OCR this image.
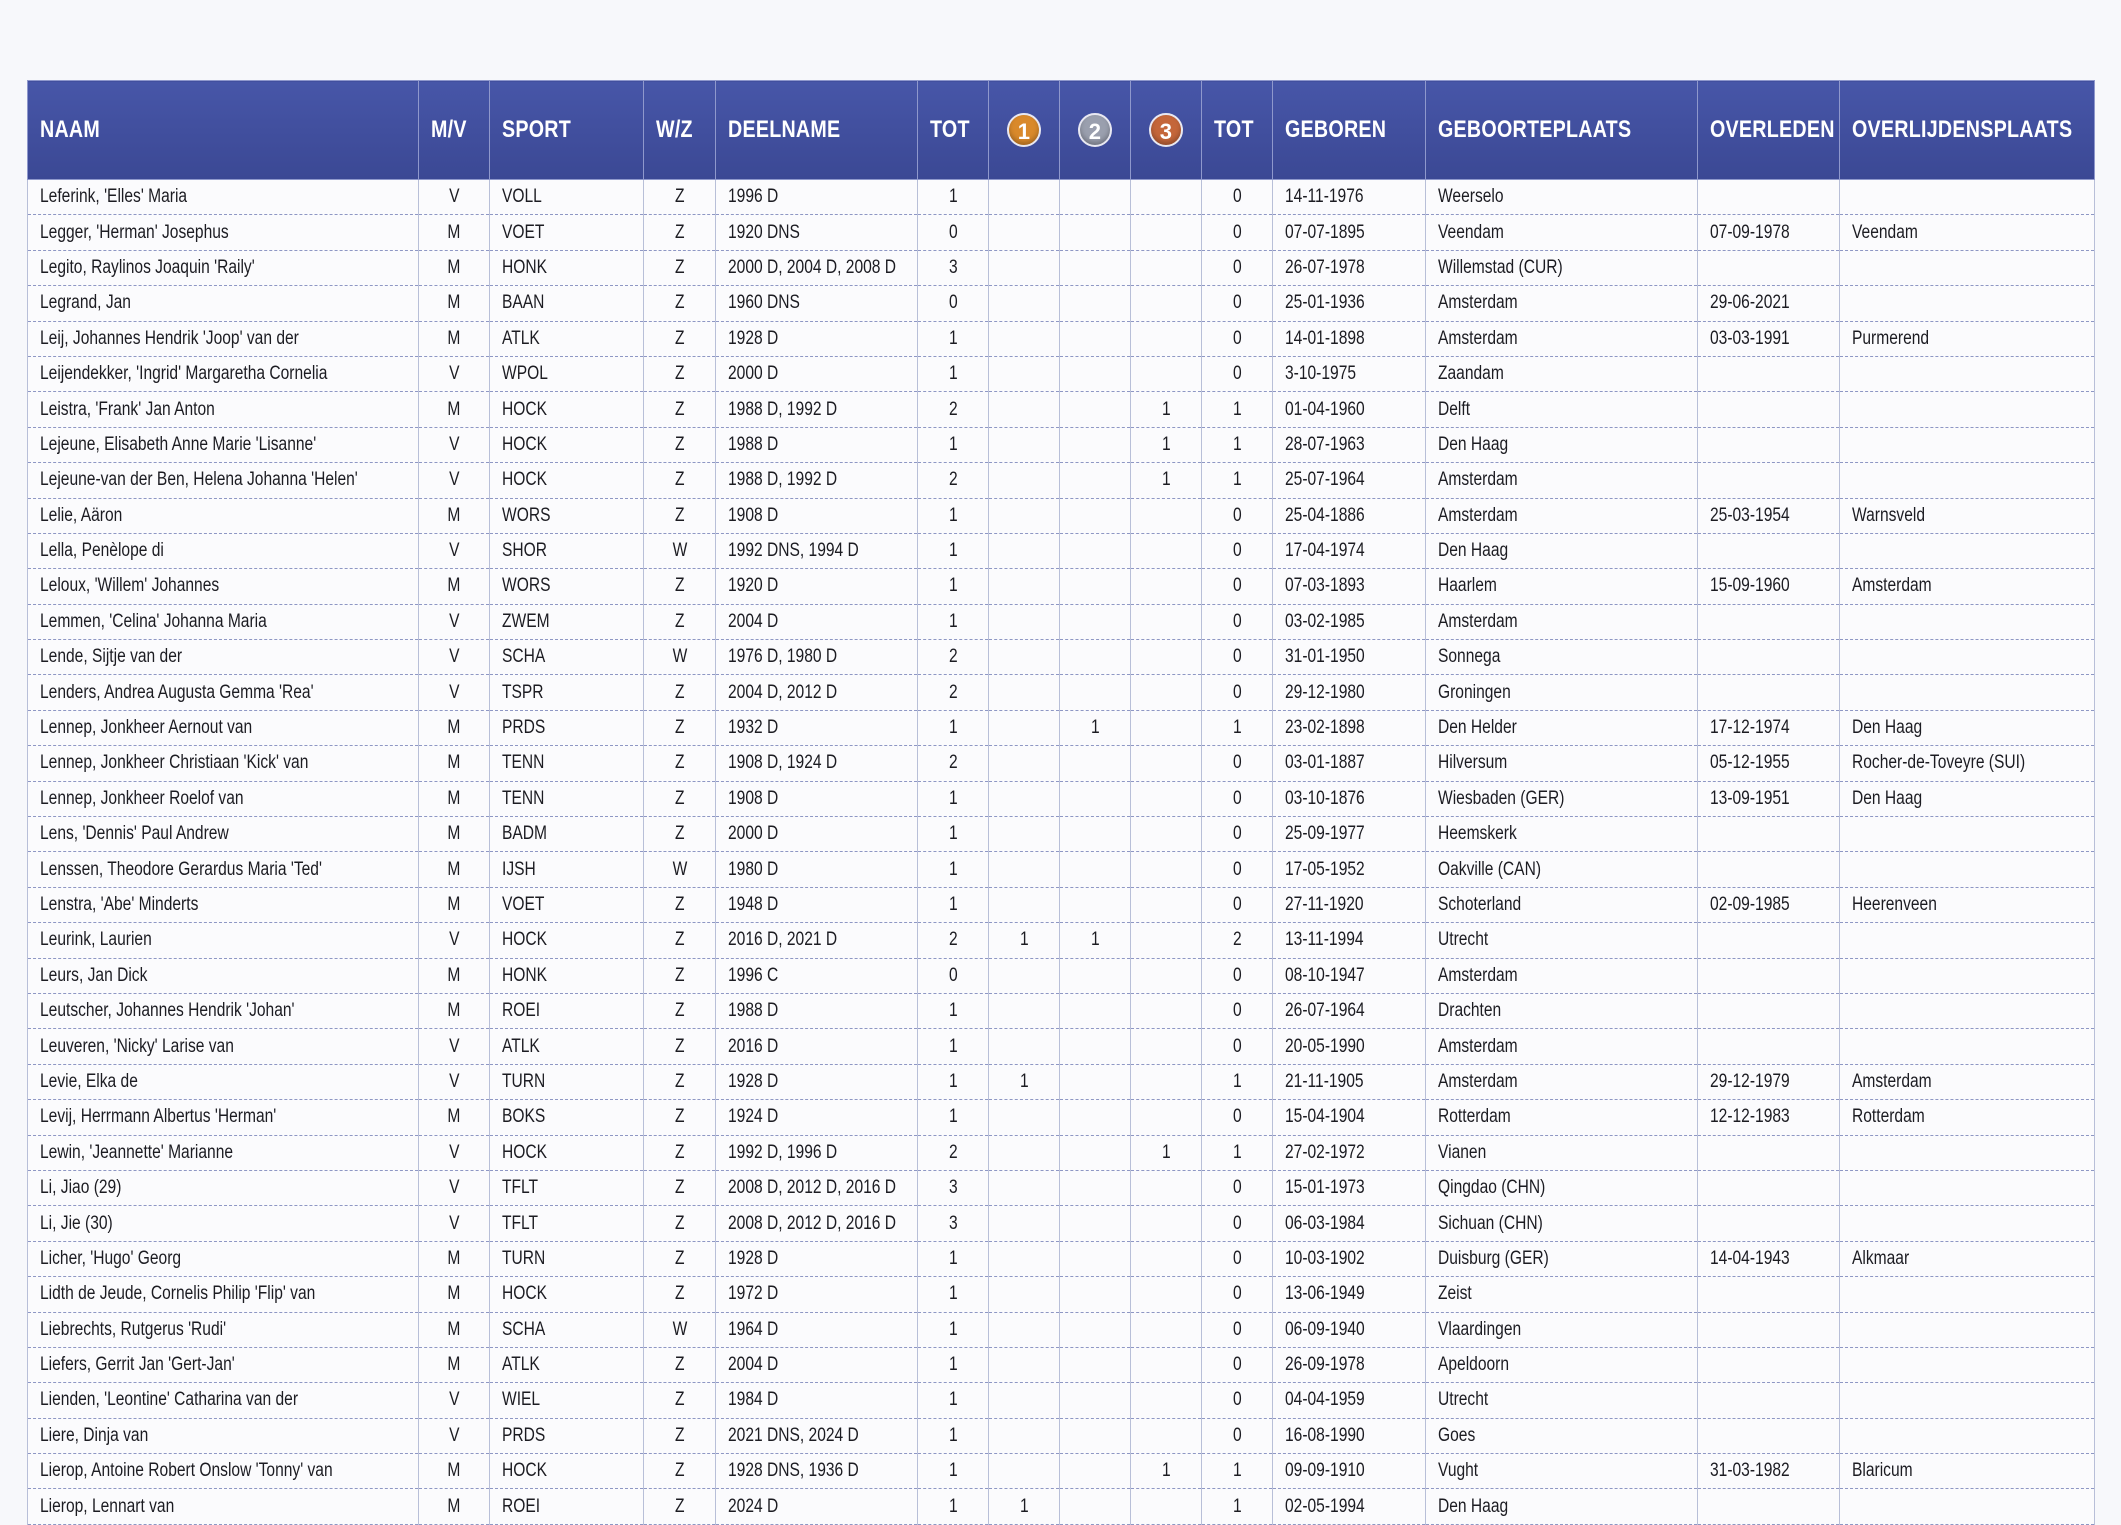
NAAM	M/V	SPORT	W/Z	DEELNAME	TOT	1	2	3	TOT	GEBOREN	GEBOORTEPLAATS	OVERLEDEN	OVERLIJDENSPLAATS
Leferink, 'Elles' Maria	V	VOLL	Z	1996 D	1				0	14-11-1976	Weerselo		
Legger, 'Herman' Josephus	M	VOET	Z	1920 DNS	0				0	07-07-1895	Veendam	07-09-1978	Veendam
Legito, Raylinos Joaquin 'Raily'	M	HONK	Z	2000 D, 2004 D, 2008 D	3				0	26-07-1978	Willemstad (CUR)		
Legrand, Jan	M	BAAN	Z	1960 DNS	0				0	25-01-1936	Amsterdam	29-06-2021	
Leij, Johannes Hendrik 'Joop' van der	M	ATLK	Z	1928 D	1				0	14-01-1898	Amsterdam	03-03-1991	Purmerend
Leijendekker, 'Ingrid' Margaretha Cornelia	V	WPOL	Z	2000 D	1				0	3-10-1975	Zaandam		
Leistra, 'Frank' Jan Anton	M	HOCK	Z	1988 D, 1992 D	2			1	1	01-04-1960	Delft		
Lejeune, Elisabeth Anne Marie 'Lisanne'	V	HOCK	Z	1988 D	1			1	1	28-07-1963	Den Haag		
Lejeune-van der Ben, Helena Johanna 'Helen'	V	HOCK	Z	1988 D, 1992 D	2			1	1	25-07-1964	Amsterdam		
Lelie, Aäron	M	WORS	Z	1908 D	1				0	25-04-1886	Amsterdam	25-03-1954	Warnsveld
Lella, Penèlope di	V	SHOR	W	1992 DNS, 1994 D	1				0	17-04-1974	Den Haag		
Leloux, 'Willem' Johannes	M	WORS	Z	1920 D	1				0	07-03-1893	Haarlem	15-09-1960	Amsterdam
Lemmen, 'Celina' Johanna Maria	V	ZWEM	Z	2004 D	1				0	03-02-1985	Amsterdam		
Lende, Sijtje van der	V	SCHA	W	1976 D, 1980 D	2				0	31-01-1950	Sonnega		
Lenders, Andrea Augusta Gemma 'Rea'	V	TSPR	Z	2004 D, 2012 D	2				0	29-12-1980	Groningen		
Lennep, Jonkheer Aernout van	M	PRDS	Z	1932 D	1		1		1	23-02-1898	Den Helder	17-12-1974	Den Haag
Lennep, Jonkheer Christiaan 'Kick' van	M	TENN	Z	1908 D, 1924 D	2				0	03-01-1887	Hilversum	05-12-1955	Rocher-de-Toveyre (SUI)
Lennep, Jonkheer Roelof van	M	TENN	Z	1908 D	1				0	03-10-1876	Wiesbaden (GER)	13-09-1951	Den Haag
Lens, 'Dennis' Paul Andrew	M	BADM	Z	2000 D	1				0	25-09-1977	Heemskerk		
Lenssen, Theodore Gerardus Maria 'Ted'	M	IJSH	W	1980 D	1				0	17-05-1952	Oakville (CAN)		
Lenstra, 'Abe' Minderts	M	VOET	Z	1948 D	1				0	27-11-1920	Schoterland	02-09-1985	Heerenveen
Leurink, Laurien	V	HOCK	Z	2016 D, 2021 D	2	1	1		2	13-11-1994	Utrecht		
Leurs, Jan Dick	M	HONK	Z	1996 C	0				0	08-10-1947	Amsterdam		
Leutscher, Johannes Hendrik 'Johan'	M	ROEI	Z	1988 D	1				0	26-07-1964	Drachten		
Leuveren, 'Nicky' Larise van	V	ATLK	Z	2016 D	1				0	20-05-1990	Amsterdam		
Levie, Elka de	V	TURN	Z	1928 D	1	1			1	21-11-1905	Amsterdam	29-12-1979	Amsterdam
Levij, Herrmann Albertus 'Herman'	M	BOKS	Z	1924 D	1				0	15-04-1904	Rotterdam	12-12-1983	Rotterdam
Lewin, 'Jeannette' Marianne	V	HOCK	Z	1992 D, 1996 D	2			1	1	27-02-1972	Vianen		
Li, Jiao (29)	V	TFLT	Z	2008 D, 2012 D, 2016 D	3				0	15-01-1973	Qingdao (CHN)		
Li, Jie (30)	V	TFLT	Z	2008 D, 2012 D, 2016 D	3				0	06-03-1984	Sichuan (CHN)		
Licher, 'Hugo' Georg	M	TURN	Z	1928 D	1				0	10-03-1902	Duisburg (GER)	14-04-1943	Alkmaar
Lidth de Jeude, Cornelis Philip 'Flip' van	M	HOCK	Z	1972 D	1				0	13-06-1949	Zeist		
Liebrechts, Rutgerus 'Rudi'	M	SCHA	W	1964 D	1				0	06-09-1940	Vlaardingen		
Liefers, Gerrit Jan 'Gert-Jan'	M	ATLK	Z	2004 D	1				0	26-09-1978	Apeldoorn		
Lienden, 'Leontine' Catharina van der	V	WIEL	Z	1984 D	1				0	04-04-1959	Utrecht		
Liere, Dinja van	V	PRDS	Z	2021 DNS, 2024 D	1				0	16-08-1990	Goes		
Lierop, Antoine Robert Onslow 'Tonny' van	M	HOCK	Z	1928 DNS, 1936 D	1			1	1	09-09-1910	Vught	31-03-1982	Blaricum
Lierop, Lennart van	M	ROEI	Z	2024 D	1	1			1	02-05-1994	Den Haag		
